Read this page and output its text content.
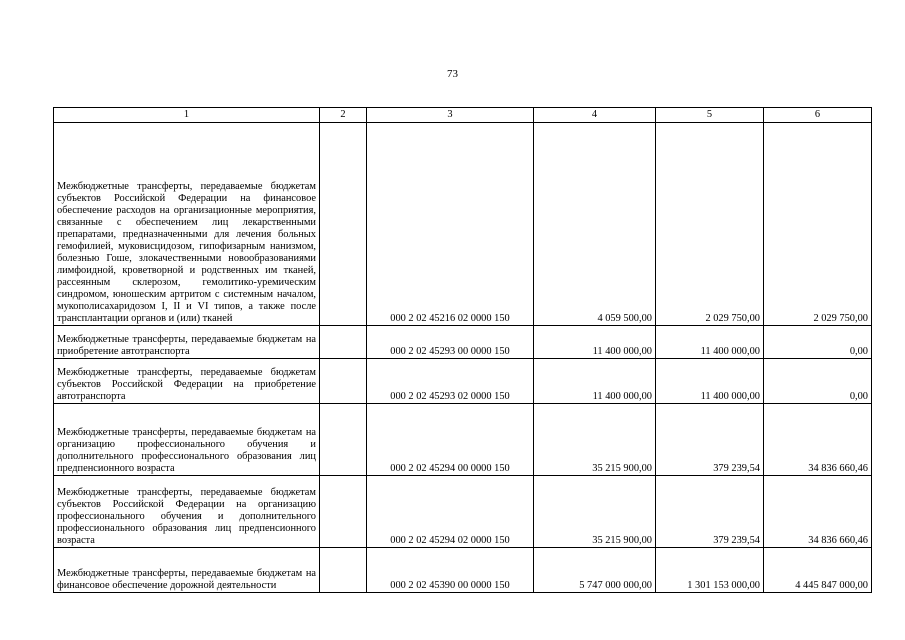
73
1	2	3	4	5	6
Межбюджетные трансферты, передаваемые бюджетам субъектов Российской Федерации на финансовое обеспечение расходов на организационные мероприятия, связанные с обеспечением лиц лекарственными препаратами, предназначенными для лечения больных гемофилией, муковисцидозом, гипофизарным нанизмом, болезнью Гоше, злокачественными новообразованиями лимфоидной, кроветворной и родственных им тканей, рассеянным склерозом, гемолитико-уремическим синдромом, юношеским артритом с системным началом, мукополисахаридозом I, II и VI типов, а также после трансплантации органов и (или) тканей		000 2 02 45216 02 0000 150	4 059 500,00	2 029 750,00	2 029 750,00
Межбюджетные трансферты, передаваемые бюджетам на приобретение автотранспорта		000 2 02 45293 00 0000 150	11 400 000,00	11 400 000,00	0,00
Межбюджетные трансферты, передаваемые бюджетам субъектов Российской Федерации на приобретение автотранспорта		000 2 02 45293 02 0000 150	11 400 000,00	11 400 000,00	0,00
Межбюджетные трансферты, передаваемые бюджетам на организацию профессионального обучения и дополнительного профессионального образования лиц предпенсионного возраста		000 2 02 45294 00 0000 150	35 215 900,00	379 239,54	34 836 660,46
Межбюджетные трансферты, передаваемые бюджетам субъектов Российской Федерации на организацию профессионального обучения и дополнительного профессионального образования лиц предпенсионного возраста		000 2 02 45294 02 0000 150	35 215 900,00	379 239,54	34 836 660,46
Межбюджетные трансферты, передаваемые бюджетам на финансовое обеспечение дорожной деятельности		000 2 02 45390 00 0000 150	5 747 000 000,00	1 301 153 000,00	4 445 847 000,00
